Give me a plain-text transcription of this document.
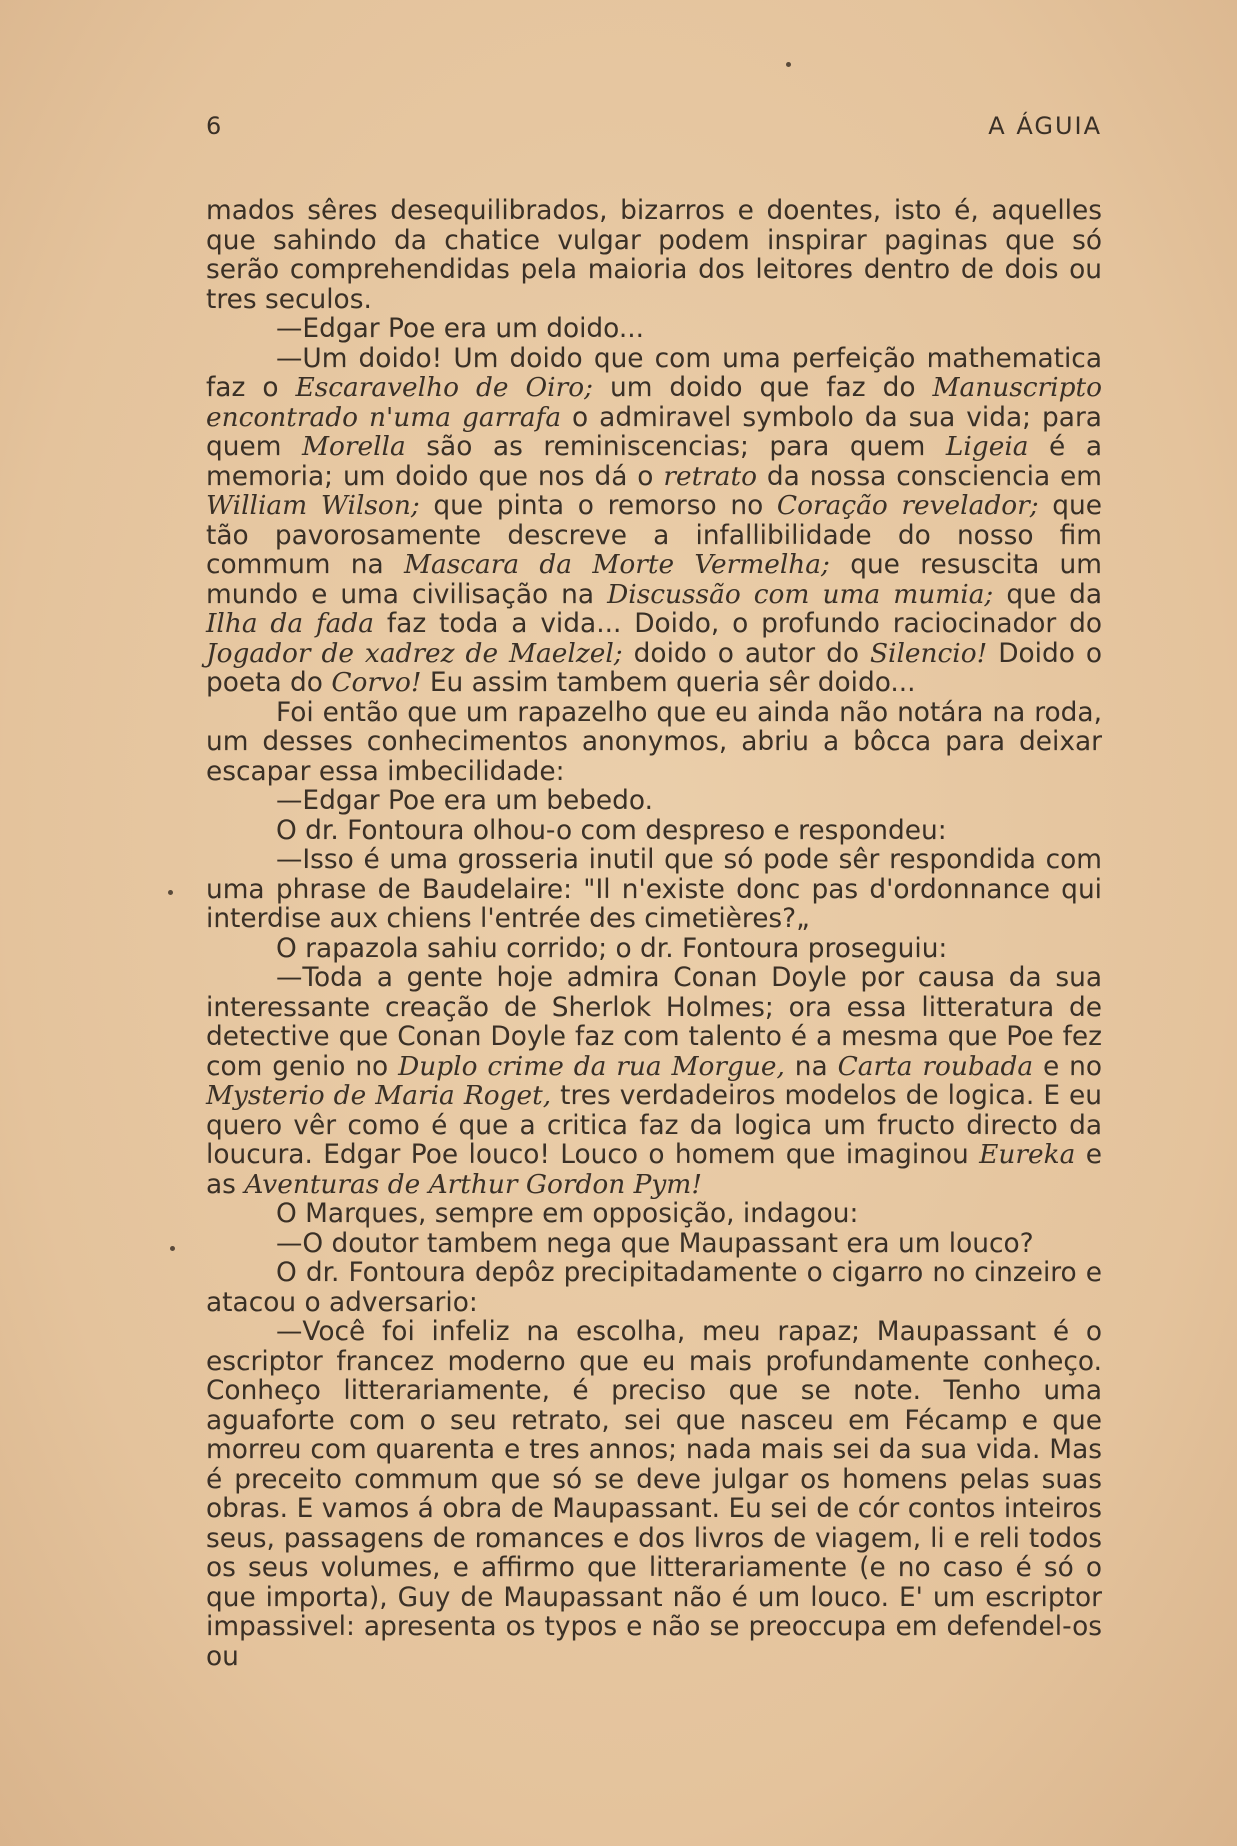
6	A ÁGUIA

mados sêres desequilibrados, bizarros e doentes, isto é, aquelles que sahindo da chatice vulgar podem inspirar paginas que só serão comprehendidas pela maioria dos leitores dentro de dois ou tres seculos.

—Edgar Poe era um doido...

—Um doido! Um doido que com uma perfeição mathematica faz o Escaravelho de Oiro; um doido que faz do Manuscripto encontrado n'uma garrafa o admiravel symbolo da sua vida; para quem Morella são as reminiscencias; para quem Ligeia é a memoria; um doido que nos dá o retrato da nossa consciencia em William Wilson; que pinta o remorso no Coração revelador; que tão pavorosamente descreve a infallibilidade do nosso fim commum na Mascara da Morte Vermelha; que resuscita um mundo e uma civilisação na Discussão com uma mumia; que da Ilha da fada faz toda a vida... Doido, o profundo raciocinador do Jogador de xadrez de Maelzel; doido o autor do Silencio! Doido o poeta do Corvo! Eu assim tambem queria sêr doido...

Foi então que um rapazelho que eu ainda não notára na roda, um desses conhecimentos anonymos, abriu a bôcca para deixar escapar essa imbecilidade:

—Edgar Poe era um bebedo.

O dr. Fontoura olhou-o com despreso e respondeu:

—Isso é uma grosseria inutil que só pode sêr respondida com uma phrase de Baudelaire: "Il n'existe donc pas d'ordonnance qui interdise aux chiens l'entrée des cimetières?„

O rapazola sahiu corrido; o dr. Fontoura proseguiu:

—Toda a gente hoje admira Conan Doyle por causa da sua interessante creação de Sherlok Holmes; ora essa litteratura de detective que Conan Doyle faz com talento é a mesma que Poe fez com genio no Duplo crime da rua Morgue, na Carta roubada e no Mysterio de Maria Roget, tres verdadeiros modelos de logica. E eu quero vêr como é que a critica faz da logica um fructo directo da loucura. Edgar Poe louco! Louco o homem que imaginou Eureka e as Aventuras de Arthur Gordon Pym!

O Marques, sempre em opposição, indagou:

—O doutor tambem nega que Maupassant era um louco?

O dr. Fontoura depôz precipitadamente o cigarro no cinzeiro e atacou o adversario:

—Você foi infeliz na escolha, meu rapaz; Maupassant é o escriptor francez moderno que eu mais profundamente conheço. Conheço litterariamente, é preciso que se note. Tenho uma aguaforte com o seu retrato, sei que nasceu em Fécamp e que morreu com quarenta e tres annos; nada mais sei da sua vida. Mas é preceito commum que só se deve julgar os homens pelas suas obras. E vamos á obra de Maupassant. Eu sei de cór contos inteiros seus, passagens de romances e dos livros de viagem, li e reli todos os seus volumes, e affirmo que litterariamente (e no caso é só o que importa), Guy de Maupassant não é um louco. E' um escriptor impassivel: apresenta os typos e não se preoccupa em defendel-os ou
